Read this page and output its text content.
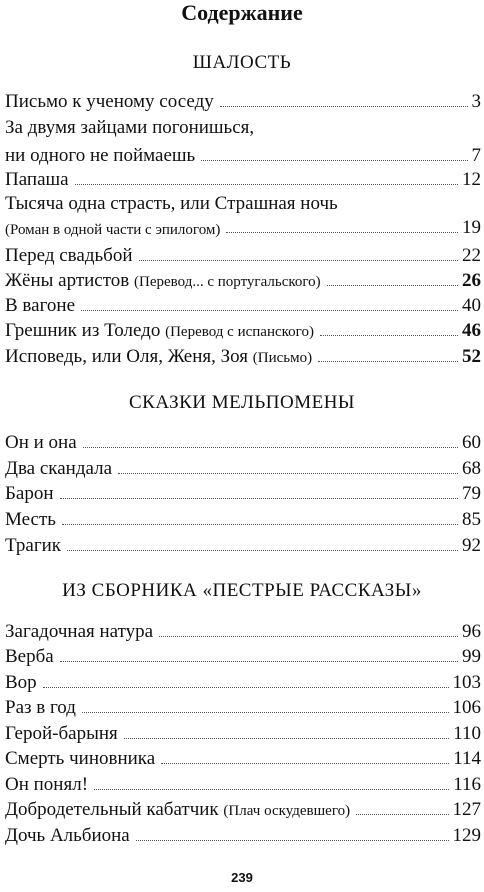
Содержание
ШАЛОСТЬ
Письмо к ученому соседу	3
За двумя зайцами погонишься,
ни одного не поймаешь	7
Папаша	12
Тысяча одна страсть, или Страшная ночь
(Роман в одной части с эпилогом)	19
Перед свадьбой	22
Жёны артистов (Перевод... с португальского)	26
В вагоне	40
Грешник из Толедо (Перевод с испанского)	46
Исповедь, или Оля, Женя, Зоя (Письмо)	52
СКАЗКИ МЕЛЬПОМЕНЫ
Он и она	60
Два скандала	68
Барон	79
Месть	85
Трагик	92
ИЗ СБОРНИКА «ПЕСТРЫЕ РАССКАЗЫ»
Загадочная натура	96
Верба	99
Вор	103
Раз в год	106
Герой-барыня	110
Смерть чиновника	114
Он понял!	116
Добродетельный кабатчик (Плач оскудевшего)	127
Дочь Альбиона	129
239
